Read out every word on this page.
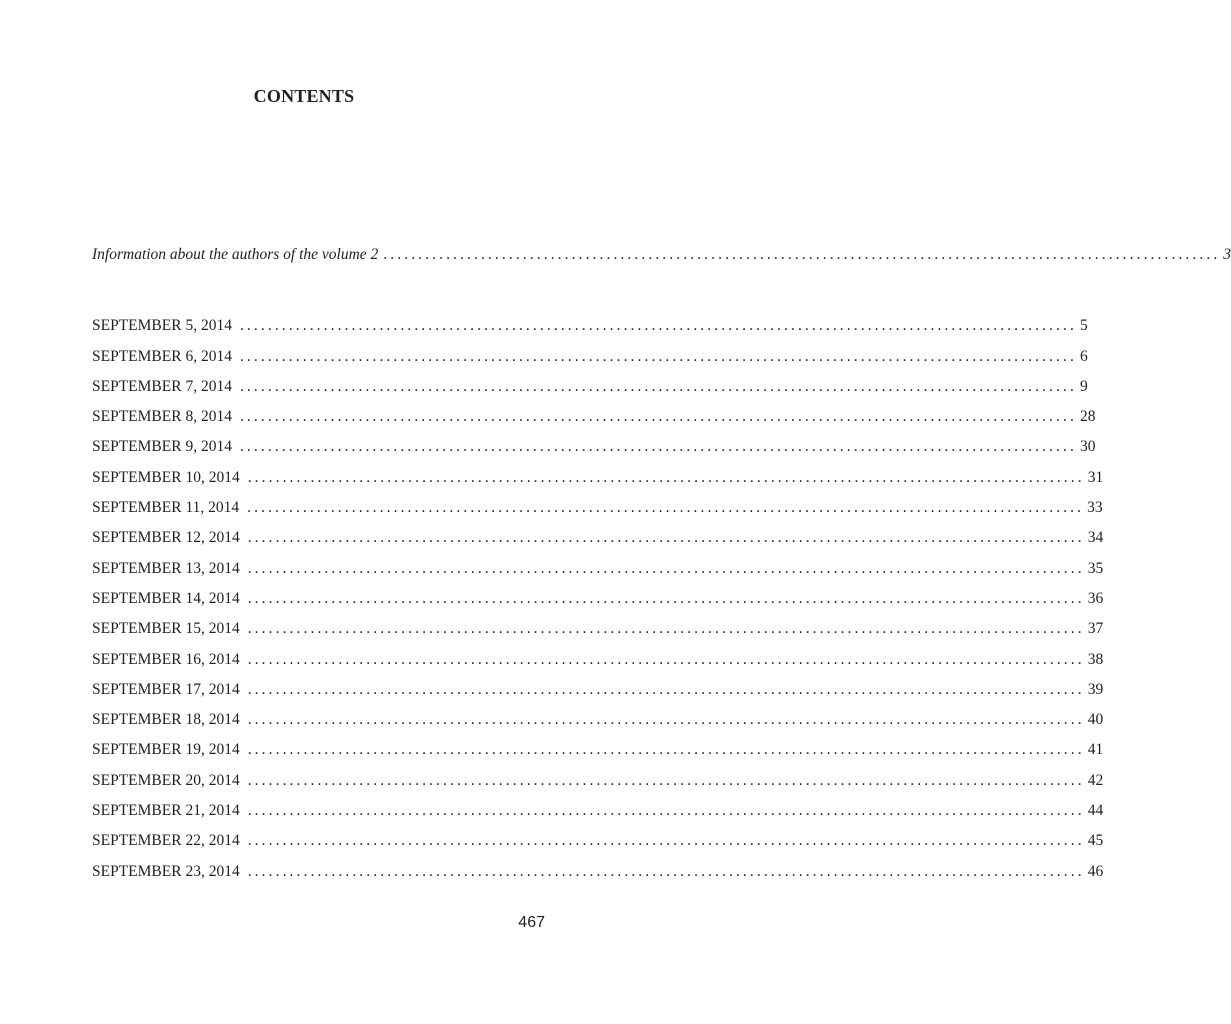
CONTENTS
Information about the authors of the volume 2 ........................................................................................................................ 3
SEPTEMBER 5, 2014 ........................................................................................................................ 5
SEPTEMBER 6, 2014 ........................................................................................................................ 6
SEPTEMBER 7, 2014 ........................................................................................................................ 9
SEPTEMBER 8, 2014 ........................................................................................................................ 28
SEPTEMBER 9, 2014 ........................................................................................................................ 30
SEPTEMBER 10, 2014 ........................................................................................................................ 31
SEPTEMBER 11, 2014 ........................................................................................................................ 33
SEPTEMBER 12, 2014 ........................................................................................................................ 34
SEPTEMBER 13, 2014 ........................................................................................................................ 35
SEPTEMBER 14, 2014 ........................................................................................................................ 36
SEPTEMBER 15, 2014 ........................................................................................................................ 37
SEPTEMBER 16, 2014 ........................................................................................................................ 38
SEPTEMBER 17, 2014 ........................................................................................................................ 39
SEPTEMBER 18, 2014 ........................................................................................................................ 40
SEPTEMBER 19, 2014 ........................................................................................................................ 41
SEPTEMBER 20, 2014 ........................................................................................................................ 42
SEPTEMBER 21, 2014 ........................................................................................................................ 44
SEPTEMBER 22, 2014 ........................................................................................................................ 45
SEPTEMBER 23, 2014 ........................................................................................................................ 46

467
